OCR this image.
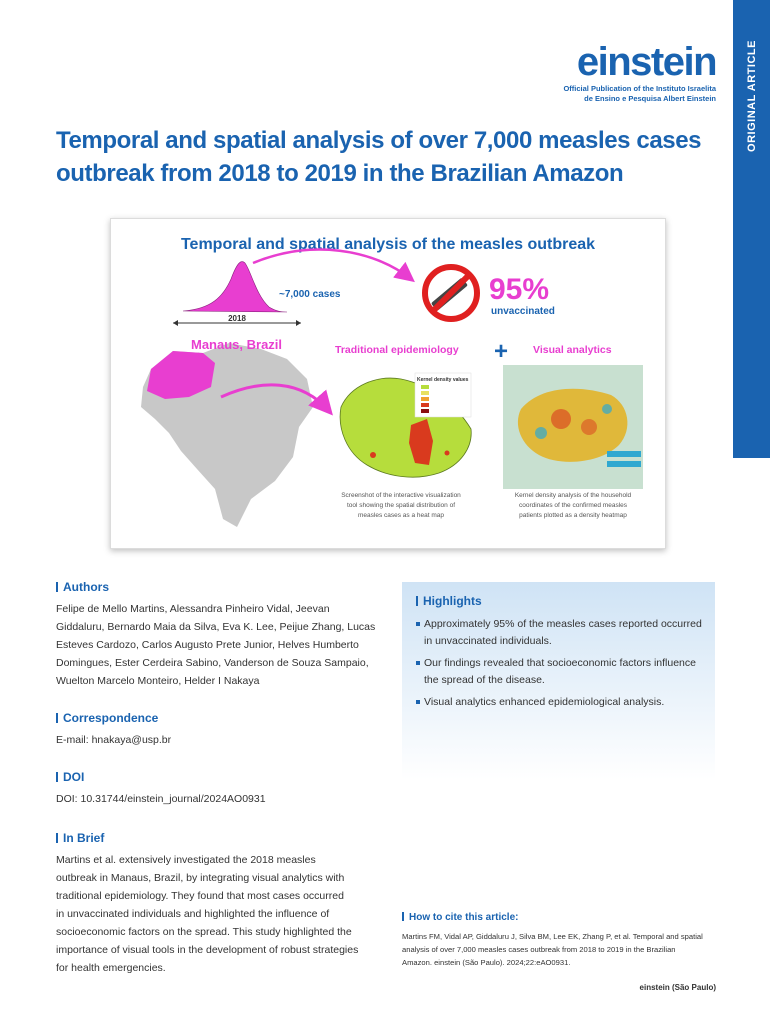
ORIGINAL ARTICLE
einstein
Official Publication of the Instituto Israelita
de Ensino e Pesquisa Albert Einstein
Temporal and spatial analysis of over 7,000 measles cases
outbreak from 2018 to 2019 in the Brazilian Amazon
Temporal and spatial analysis of the measles outbreak
2018
~7,000 cases	95%
unvaccinated
Manaus, Brazil	Traditional epidemiology
Kernel density values
+ Visual analytics
Screenshot of the interactive visualization
tool showing the spatial distribution of
measles cases as a heat map
Kernel density analysis of the household
coordinates of the confirmed measles
patients plotted as a density heatmap
Authors
Felipe de Mello Martins, Alessandra Pinheiro Vidal, Jeevan
Giddaluru, Bernardo Maia da Silva, Eva K. Lee, Peijue Zhang, Lucas
Esteves Cardozo, Carlos Augusto Prete Junior, Helves Humberto
Domingues, Ester Cerdeira Sabino, Vanderson de Souza Sampaio,
Wuelton Marcelo Monteiro, Helder I Nakaya
Correspondence
E-mail: hnakaya@usp.br
DOI
DOI: 10.31744/einstein_journal/2024AO0931
In Brief
Martins et al. extensively investigated the 2018 measles
outbreak in Manaus, Brazil, by integrating visual analytics with
traditional epidemiology. They found that most cases occurred
in unvaccinated individuals and highlighted the influence of
socioeconomic factors on the spread. This study highlighted the
importance of visual tools in the development of robust strategies
for health emergencies.
Highlights
Approximately 95% of the measles cases reported occurred
in unvaccinated individuals.
Our findings revealed that socioeconomic factors influence
the spread of the disease.
Visual analytics enhanced epidemiological analysis.
How to cite this article:
Martins FM, Vidal AP, Giddaluru J, Silva BM, Lee EK, Zhang P, et al. Temporal and spatial
analysis of over 7,000 measles cases outbreak from 2018 to 2019 in the Brazilian
Amazon. einstein (São Paulo). 2024;22:eAO0931.
einstein (São Paulo)
